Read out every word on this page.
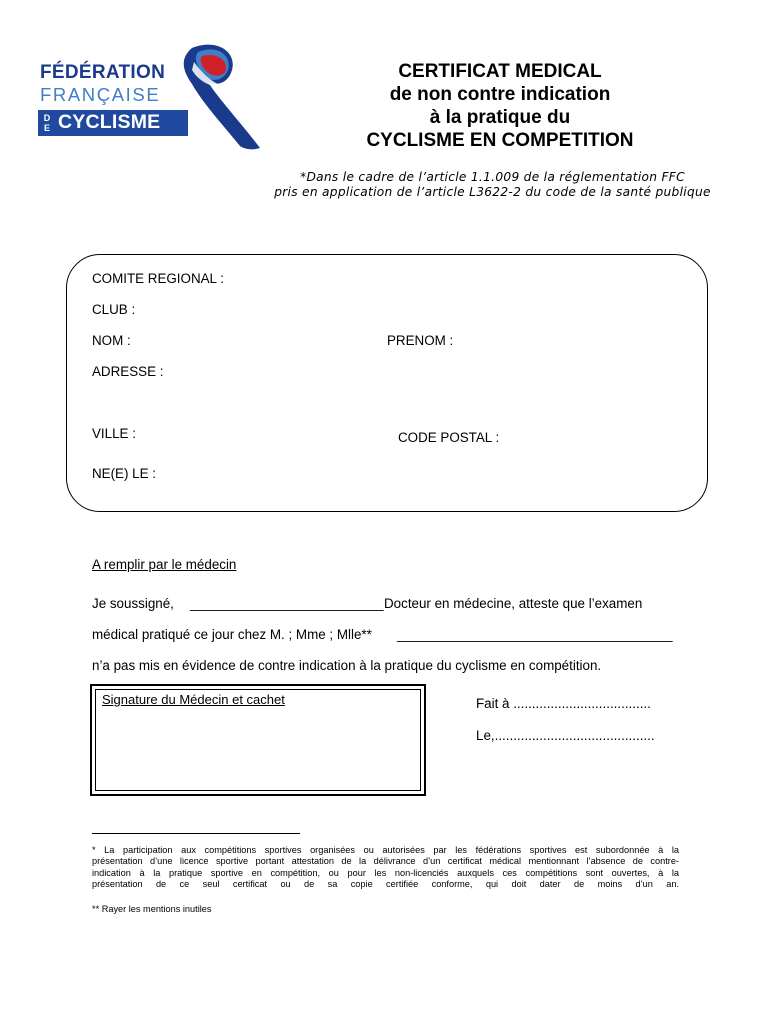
FÉDÉRATION
FRANÇAISE
D
E CYCLISME
CERTIFICAT MEDICAL
de non contre indication
à la pratique du
CYCLISME EN COMPETITION
*Dans le cadre de l’article 1.1.009 de la réglementation FFC
pris en application de l’article L3622-2 du code de la santé publique
COMITE REGIONAL :
CLUB :
NOM :	PRENOM :
ADRESSE :
VILLE :	CODE POSTAL :
NE(E) LE :
A remplir par le médecin
Je soussigné, __________________________ Docteur en médecine, atteste que l’examen
médical pratiqué ce jour chez M. ; Mme ; Mlle** _____________________________________
n’a pas mis en évidence de contre indication à la pratique du cyclisme en compétition.
Signature du Médecin et cachet	Fait à .....................................
Le,...........................................
* La participation aux compétitions sportives organisées ou autorisées par les fédérations sportives est subordonnée à la
présentation d’une licence sportive portant attestation de la délivrance d’un certificat médical mentionnant l’absence de contre-
indication à la pratique sportive en compétition, ou pour les non-licenciés auxquels ces compétitions sont ouvertes, à la
présentation de ce seul certificat ou de sa copie certifiée conforme, qui doit dater de moins d’un an.
** Rayer les mentions inutiles
